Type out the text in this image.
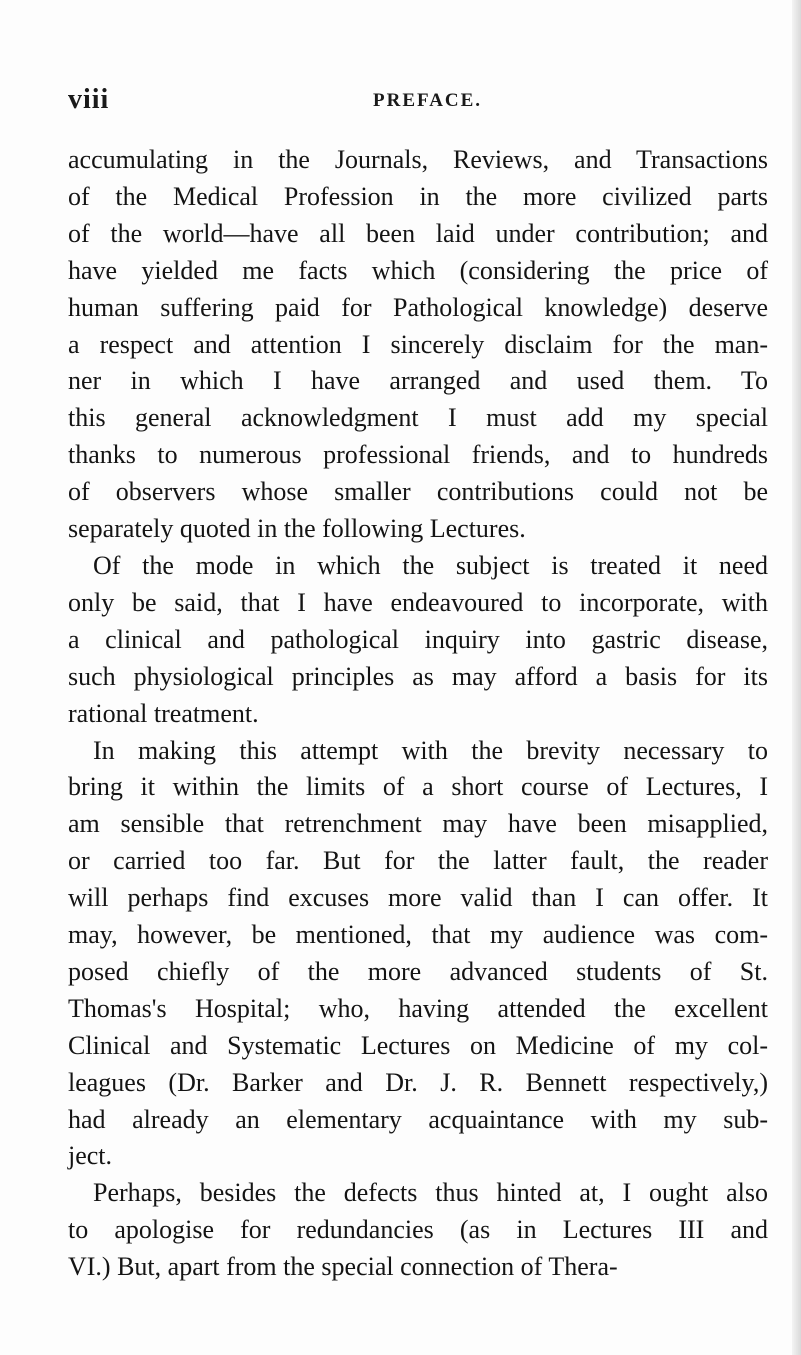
viii	PREFACE.
accumulating in the Journals, Reviews, and Transactions
of the Medical Profession in the more civilized parts
of the world—have all been laid under contribution; and
have yielded me facts which (considering the price of
human suffering paid for Pathological knowledge) deserve
a respect and attention I sincerely disclaim for the man-
ner in which I have arranged and used them. To
this general acknowledgment I must add my special
thanks to numerous professional friends, and to hundreds
of observers whose smaller contributions could not be
separately quoted in the following Lectures.
Of the mode in which the subject is treated it need
only be said, that I have endeavoured to incorporate, with
a clinical and pathological inquiry into gastric disease,
such physiological principles as may afford a basis for its
rational treatment.
In making this attempt with the brevity necessary to
bring it within the limits of a short course of Lectures, I
am sensible that retrenchment may have been misapplied,
or carried too far. But for the latter fault, the reader
will perhaps find excuses more valid than I can offer. It
may, however, be mentioned, that my audience was com-
posed chiefly of the more advanced students of St.
Thomas's Hospital; who, having attended the excellent
Clinical and Systematic Lectures on Medicine of my col-
leagues (Dr. Barker and Dr. J. R. Bennett respectively,)
had already an elementary acquaintance with my sub-
ject.
Perhaps, besides the defects thus hinted at, I ought also
to apologise for redundancies (as in Lectures III and
VI.) But, apart from the special connection of Thera-
